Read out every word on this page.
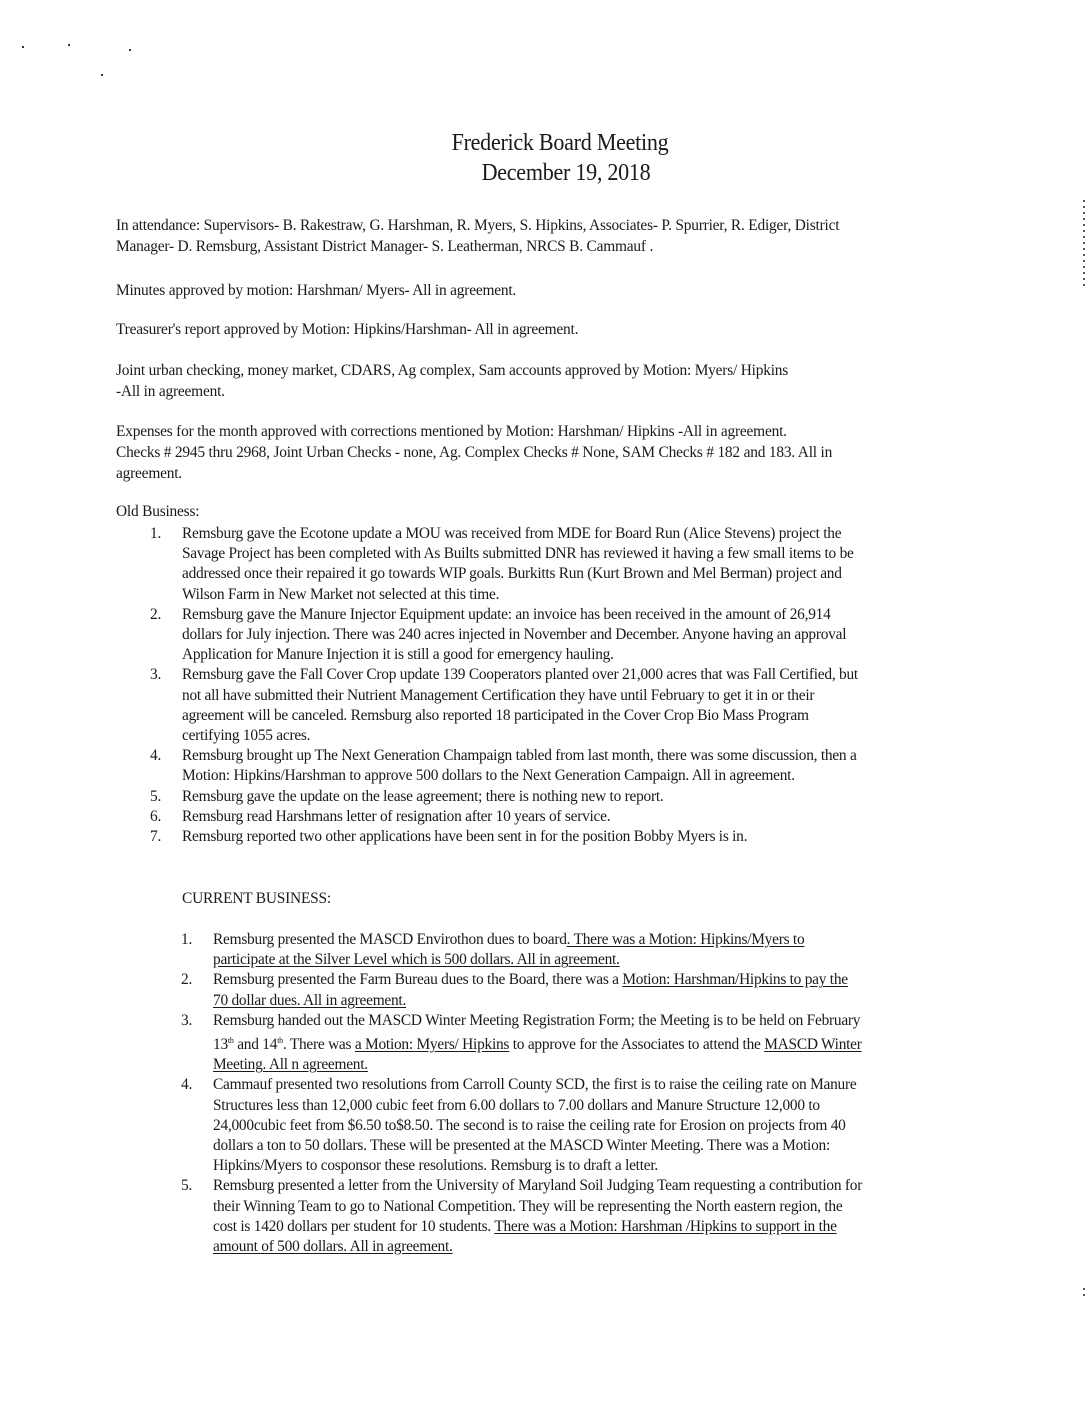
Frederick Board Meeting
December 19, 2018
In attendance: Supervisors- B. Rakestraw, G. Harshman, R. Myers, S. Hipkins, Associates- P. Spurrier, R. Ediger, District
Manager- D. Remsburg, Assistant District Manager- S. Leatherman, NRCS B. Cammauf .
Minutes approved by motion: Harshman/ Myers- All in agreement.
Treasurer's report approved by Motion: Hipkins/Harshman- All in agreement.
Joint urban checking, money market, CDARS, Ag complex, Sam accounts approved by Motion: Myers/ Hipkins
-All in agreement.
Expenses for the month approved with corrections mentioned by Motion: Harshman/ Hipkins -All in agreement.
Checks # 2945 thru 2968, Joint Urban Checks - none, Ag. Complex Checks # None, SAM Checks # 182 and 183. All in
agreement.
Old Business:
1. Remsburg gave the Ecotone update a MOU was received from MDE for Board Run (Alice Stevens) project the
Savage Project has been completed with As Builts submitted DNR has reviewed it having a few small items to be
addressed once their repaired it go towards WIP goals. Burkitts Run (Kurt Brown and Mel Berman) project and
Wilson Farm in New Market not selected at this time.
2. Remsburg gave the Manure Injector Equipment update: an invoice has been received in the amount of 26,914
dollars for July injection. There was 240 acres injected in November and December. Anyone having an approval
Application for Manure Injection it is still a good for emergency hauling.
3. Remsburg gave the Fall Cover Crop update 139 Cooperators planted over 21,000 acres that was Fall Certified, but
not all have submitted their Nutrient Management Certification they have until February to get it in or their
agreement will be canceled. Remsburg also reported 18 participated in the Cover Crop Bio Mass Program
certifying 1055 acres.
4. Remsburg brought up The Next Generation Champaign tabled from last month, there was some discussion, then a
Motion: Hipkins/Harshman to approve 500 dollars to the Next Generation Campaign. All in agreement.
5. Remsburg gave the update on the lease agreement; there is nothing new to report.
6. Remsburg read Harshmans letter of resignation after 10 years of service.
7. Remsburg reported two other applications have been sent in for the position Bobby Myers is in.
CURRENT BUSINESS:
1. Remsburg presented the MASCD Envirothon dues to board. There was a Motion: Hipkins/Myers to
participate at the Silver Level which is 500 dollars. All in agreement.
2. Remsburg presented the Farm Bureau dues to the Board, there was a Motion: Harshman/Hipkins to pay the
70 dollar dues. All in agreement.
3. Remsburg handed out the MASCD Winter Meeting Registration Form; the Meeting is to be held on February
13th and 14th. There was a Motion: Myers/ Hipkins to approve for the Associates to attend the MASCD Winter
Meeting. All n agreement.
4. Cammauf presented two resolutions from Carroll County SCD, the first is to raise the ceiling rate on Manure
Structures less than 12,000 cubic feet from 6.00 dollars to 7.00 dollars and Manure Structure 12,000 to
24,000cubic feet from $6.50 to$8.50. The second is to raise the ceiling rate for Erosion on projects from 40
dollars a ton to 50 dollars. These will be presented at the MASCD Winter Meeting. There was a Motion:
Hipkins/Myers to cosponsor these resolutions. Remsburg is to draft a letter.
5. Remsburg presented a letter from the University of Maryland Soil Judging Team requesting a contribution for
their Winning Team to go to National Competition. They will be representing the North eastern region, the
cost is 1420 dollars per student for 10 students. There was a Motion: Harshman /Hipkins to support in the
amount of 500 dollars. All in agreement.
